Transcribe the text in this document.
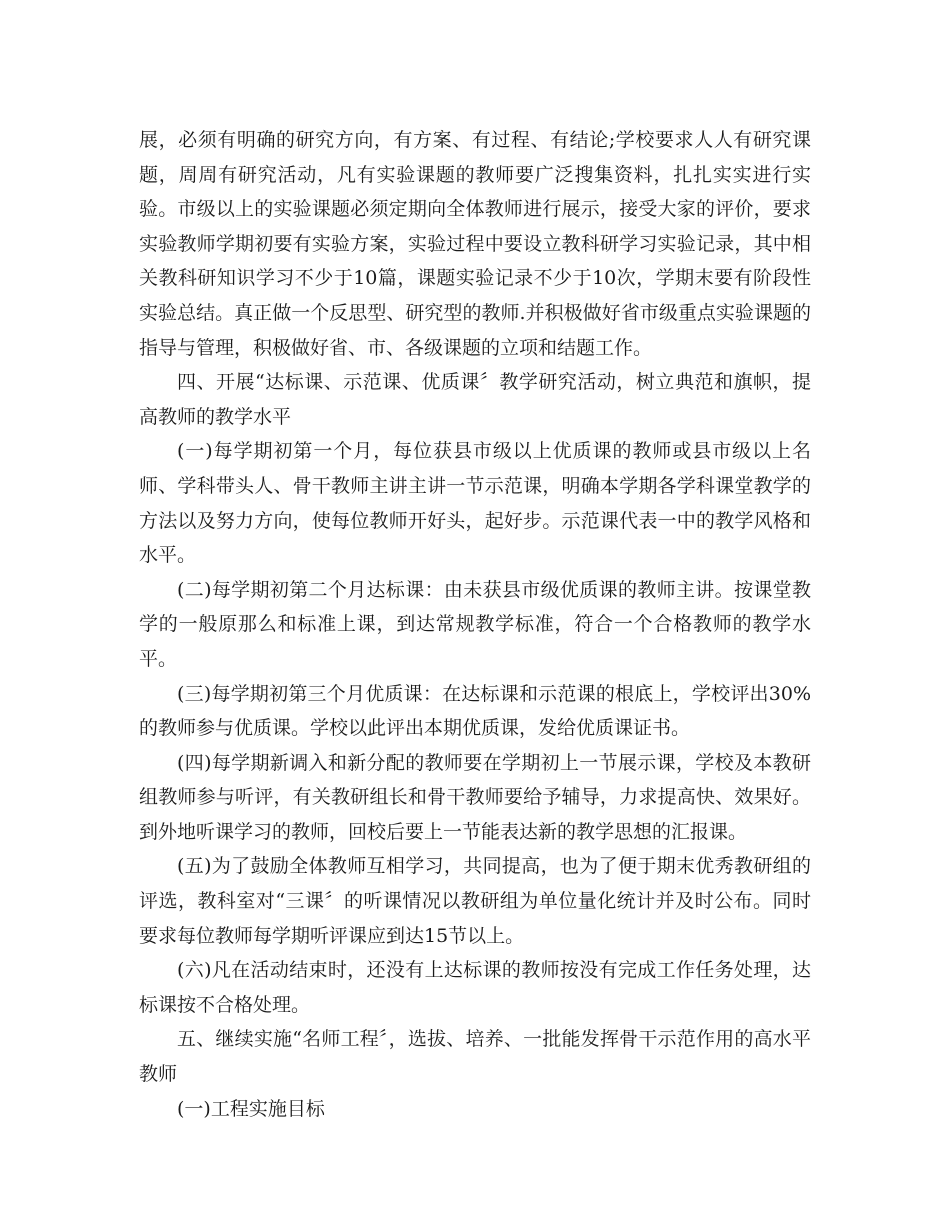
展，必须有明确的研究方向，有方案、有过程、有结论;学校要求人人有研究课题，周周有研究活动，凡有实验课题的教师要广泛搜集资料，扎扎实实进行实验。市级以上的实验课题必须定期向全体教师进行展示，接受大家的评价，要求实验教师学期初要有实验方案，实验过程中要设立教科研学习实验记录，其中相关教科研知识学习不少于10篇，课题实验记录不少于10次，学期末要有阶段性实验总结。真正做一个反思型、研究型的教师.并积极做好省市级重点实验课题的指导与管理，积极做好省、市、各级课题的立项和结题工作。

四、开展“达标课、示范课、优质课〞教学研究活动，树立典范和旗帜，提高教师的教学水平

(一)每学期初第一个月，每位获县市级以上优质课的教师或县市级以上名师、学科带头人、骨干教师主讲主讲一节示范课，明确本学期各学科课堂教学的方法以及努力方向，使每位教师开好头，起好步。示范课代表一中的教学风格和水平。

(二)每学期初第二个月达标课：由未获县市级优质课的教师主讲。按课堂教学的一般原那么和标准上课，到达常规教学标准，符合一个合格教师的教学水平。

(三)每学期初第三个月优质课：在达标课和示范课的根底上，学校评出30%的教师参与优质课。学校以此评出本期优质课，发给优质课证书。

(四)每学期新调入和新分配的教师要在学期初上一节展示课，学校及本教研组教师参与听评，有关教研组长和骨干教师要给予辅导，力求提高快、效果好。到外地听课学习的教师，回校后要上一节能表达新的教学思想的汇报课。

(五)为了鼓励全体教师互相学习，共同提高，也为了便于期末优秀教研组的评选，教科室对“三课〞的听课情况以教研组为单位量化统计并及时公布。同时要求每位教师每学期听评课应到达15节以上。

(六)凡在活动结束时，还没有上达标课的教师按没有完成工作任务处理，达标课按不合格处理。

五、继续实施“名师工程〞，选拔、培养、一批能发挥骨干示范作用的高水平教师

(一)工程实施目标
